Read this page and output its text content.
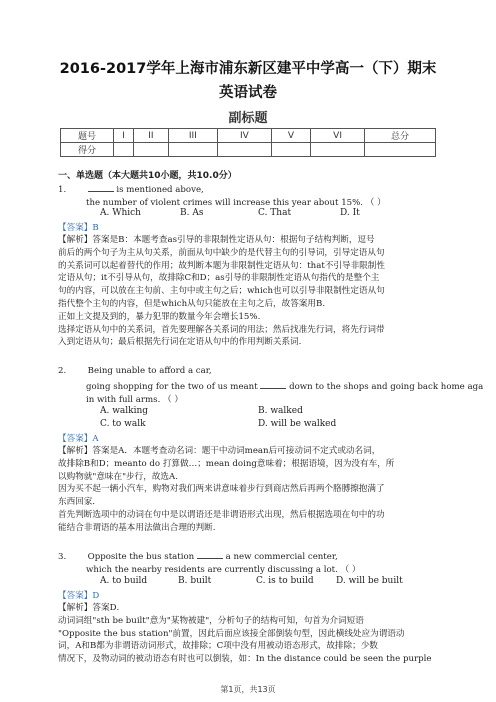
2016-2017学年上海市浦东新区建平中学高一（下）期末
英语试卷
副标题
题号	I	II	III	IV	V	VI	总分
得分							
一、单选题（本大题共10小题，共10.0分）
1.	is mentioned above,
the number of violent crimes will increase this year about 15%. （ ）
A. Which	B. As	C. That	D. It
【答案】B
【解析】答案是B：本题考查as引导的非限制性定语从句：根据句子结构判断，逗号
前后的两个句子为主从句关系，前面从句中缺少的是代替主句的引导词，引导定语从句
的关系词可以起着替代的作用；故判断本题为非限制性定语从句：that不引导非限制性
定语从句；it不引导从句，故排除C和D；as引导的非限制性定语从句指代的是整个主
句的内容，可以放在主句前、主句中或主句之后；which也可以引导非限制性定语从句
指代整个主句的内容，但是which从句只能放在主句之后，故答案用B.
正如上文提及到的，暴力犯罪的数量今年会增长15%.
选择定语从句中的关系词，首先要理解各关系词的用法；然后找准先行词，将先行词带
入到定语从句；最后根据先行词在定语从句中的作用判断关系词.
2. Being unable to afford a car,
going shopping for the two of us meant	down to the shops and going back home aga
in with full arms. （ ）
A. walking	B. walked
C. to walk	D. will be walked
【答案】A
【解析】答案是A．本题考查动名词：题干中动词mean后可接动词不定式或动名词，
故排除B和D；meanto do 打算做…；mean doing意味着；根据语境，因为没有车，所
以购物就"意味在"步行，故选A.
因为买不起一辆小汽车，购物对我们两来讲意味着步行到商店然后再两个胳膊擦抱满了
东西回家．
首先判断选项中的动词在句中是以谓语还是非谓语形式出现，然后根据选项在句中的功
能结合非谓语的基本用法做出合理的判断.
3. Opposite the bus station	a new commercial center,
which the nearby residents are currently discussing a lot. （ ）
A. to build	B. built	C. is to build D. will be built
【答案】D
【解析】答案D．
动词词组"sth be built"意为"某物被建"，分析句子的结构可知，句首为介词短语
"Opposite the bus station"前置，因此后面应该接全部倒装句型，因此横线处应为谓语动
词，A和B都为非谓语动词形式，故排除；C项中没有用被动语态形式，故排除；少数
情况下，及物动词的被动语态有时也可以倒装，如：In the distance could be seen the purple
第1页，共13页
